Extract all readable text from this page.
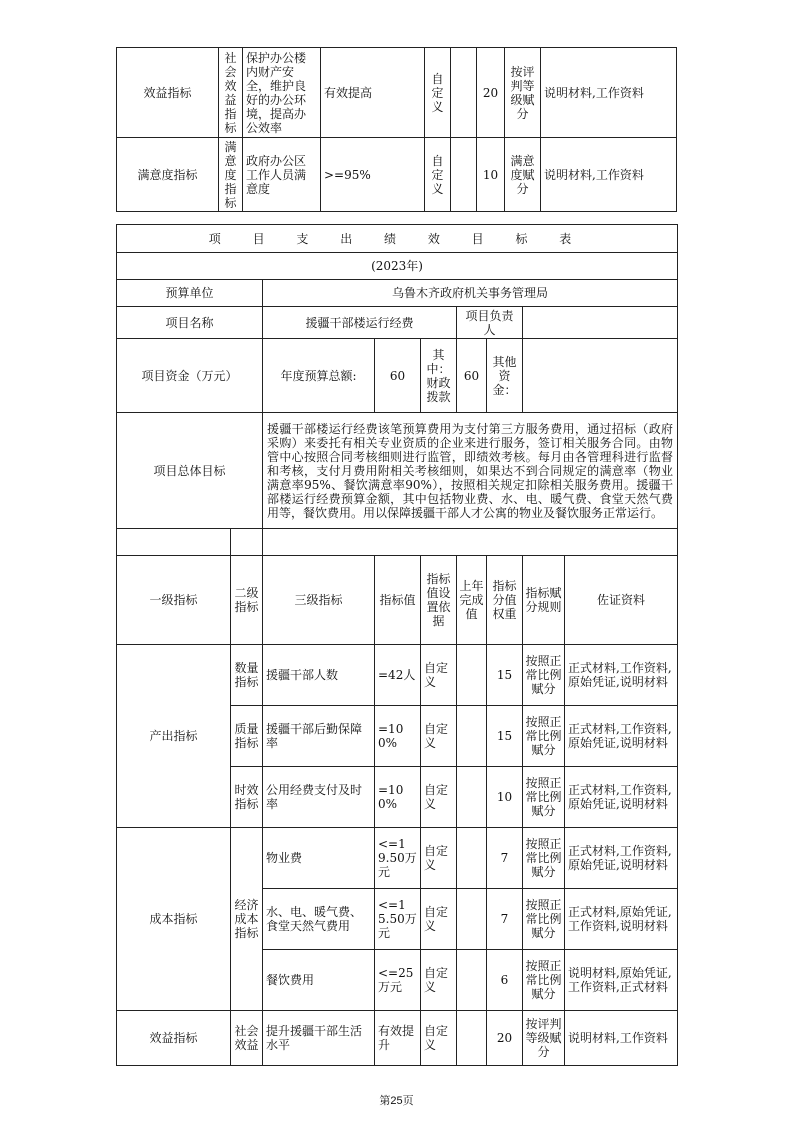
效益指标	社会效益指标	保护办公楼内财产安全，维护良好的办公环境，提高办公效率	有效提高	自定义		20	按评判等级赋分	说明材料,工作资料
满意度指标	满意度指标	政府办公区工作人员满意度	>=95%	自定义		10	满意度赋分	说明材料,工作资料
项 目 支 出 绩 效 目 标 表								
(2023年)								
预算单位		乌鲁木齐政府机关事务管理局						
项目名称		援疆干部楼运行经费			项目负责人			
项目资金（万元）		年度预算总额:	60	其中：财政拨款	60	其他资金：		
项目总体目标		援疆干部楼运行经费该笔预算费用为支付第三方服务费用，通过招标（政府采购）来委托有相关专业资质的企业来进行服务，签订相关服务合同。由物管中心按照合同考核细则进行监管，即绩效考核。每月由各管理科进行监督和考核，支付月费用附相关考核细则，如果达不到合同规定的满意率（物业满意率95%、餐饮满意率90%），按照相关规定扣除相关服务费用。援疆干部楼运行经费预算金额，其中包括物业费、水、电、暖气费、食堂天然气费用等，餐饮费用。用以保障援疆干部人才公寓的物业及餐饮服务正常运行。						

一级指标	二级指标	三级指标	指标值	指标值设置依据	上年完成值	指标分值权重	指标赋分规则	佐证资料
产出指标	数量指标	援疆干部人数	=42人	自定义		15	按照正常比例赋分	正式材料,工作资料,原始凭证,说明材料
	质量指标	援疆干部后勤保障率	=100%	自定义		15	按照正常比例赋分	正式材料,工作资料,原始凭证,说明材料
	时效指标	公用经费支付及时率	=100%	自定义		10	按照正常比例赋分	正式材料,工作资料,原始凭证,说明材料
成本指标	经济成本指标	物业费	<=19.50万元	自定义		7	按照正常比例赋分	正式材料,工作资料,原始凭证,说明材料
		水、电、暖气费、食堂天然气费用	<=15.50万元	自定义		7	按照正常比例赋分	正式材料,原始凭证,工作资料,说明材料
		餐饮费用	<=25万元	自定义		6	按照正常比例赋分	说明材料,原始凭证,工作资料,正式材料
效益指标	社会效益	提升援疆干部生活水平	有效提升	自定义		20	按评判等级赋分	说明材料,工作资料
第25页
